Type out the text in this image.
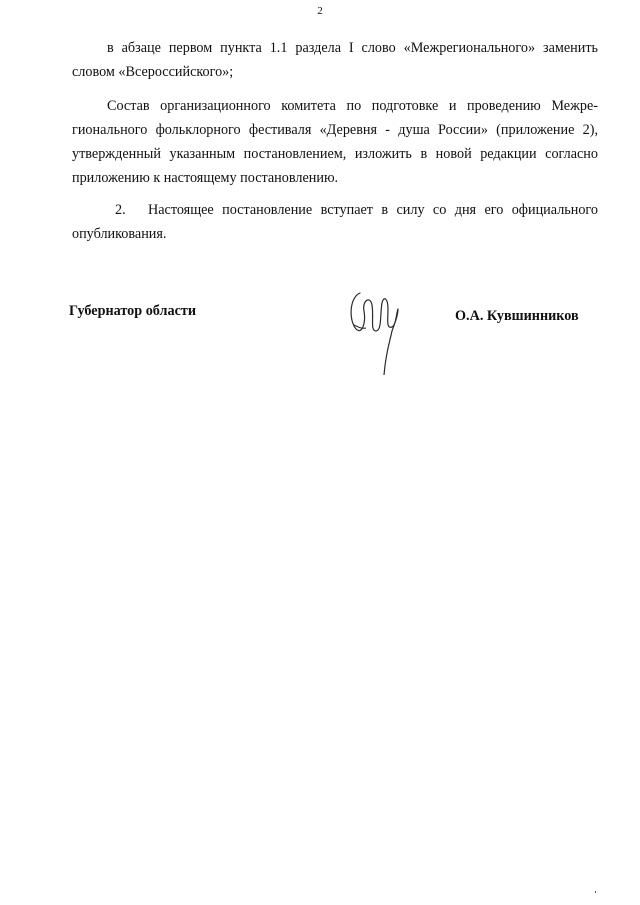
2
в абзаце первом пункта 1.1 раздела I слово «Межрегионального» заменить
словом «Всероссийского»;
Состав организационного комитета по подготовке и проведению Межре-
гионального фольклорного фестиваля «Деревня - душа России» (приложение 2),
утвержденный указанным постановлением, изложить в новой редакции согласно
приложению к настоящему постановлению.
2. Настоящее постановление вступает в силу со дня его официального
опубликования.
Губернатор области	О.А. Кувшинников
